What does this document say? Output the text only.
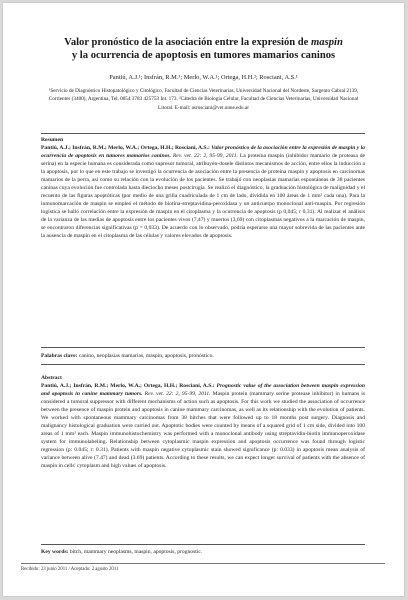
Valor pronóstico de la asociación entre la expresión de maspin
y la ocurrencia de apoptosis en tumores mamarios caninos
Pantiú, A.J.¹; Insfrán, R.M.¹; Merlo, W.A.¹; Ortega, H.H.²; Rosciani, A.S.¹
¹Servicio de Diagnóstico Histopatológico y Citológico, Facultad de Ciencias Veterinarias, Universidad Nacional del Nordeste, Sargento Cabral 2139, Corrientes (3400), Argentina, Tel. 0054 3783 425753 Int. 173. ²Cátedra de Biología Celular, Facultad de Ciencias Veterinarias, Universidad Nacional Litoral. E-mail: asrosciani@vet.unne.edu.ar
Resumen
Pantiú, A.J.; Insfrán, R.M.; Merlo, W.A.; Ortega, H.H.; Rosciani, A.S.: Valor pronóstico de la asociación entre la expresión de maspin y la ocurrencia de apoptosis en tumores mamarios caninos. Rev. vet. 22: 2, 95-99, 2011. La proteína maspin (inhibidor mamario de proteasa de serina) en la especie humana es considerada como supresor tumoral, atribuyén-dosele distintos mecanismos de acción, entre ellos la inducción a la apoptosis, por lo que en este trabajo se investigó la ocurrencia de asociación entre la presencia de proteína maspin y apoptosis en carcinomas mamarios de la perra, así como su relación con la evolución de los pacientes. Se trabajó con neoplasias mamarias espontáneas de 38 pacientes caninas cuya evolución fue controlada hasta dieciocho meses postcirugía. Se realizó el diagnóstico, la graduación histológica de malignidad y el recuento de las figuras apoptóticas (por medio de una grilla cuadriculada de 1 cm de lado, dividida en 100 áreas de 1 mm² cada una). Para la inmunomarcación de maspin se empleó el método de biotina-streptavidina-peroxidasa y un anticuerpo monoclonal anti-maspin. Por regresión logística se halló correlación entre la expresión de maspin en el citoplasma y la ocurrencia de apoptosis (p 0,045; r 0,31). Al realizar el análisis de la varianza de las medias de apoptosis entre los pacientes vivos (7,47) y muertos (3,69) con citoplasmas negativos a la marcación de maspin, se encontraron diferencias significativas (p = 0,033). De acuerdo con lo observado, podría esperarse una mayor sobrevida de las pacientes ante la ausencia de maspin en el citoplasma de las células y valores elevados de apoptosis.
Palabras clave: canino, neoplasias mamarias, maspin, apoptosis, pronóstico.
Abstract
Pantiú, A.J.; Insfrán, R.M.; Merlo, W.A.; Ortega, H.H.; Rosciani, A.S.: Prognostic value of the association between maspin expression and apoptosis in canine mammary tumors. Rev. vet. 22: 2, 95-99, 2011. Maspin protein (mammary serine protease inhibitor) in humans is considered a tumoral suppressor with different mechanisms of action such as apoptosis. For this work we studied the association of occurrence between the presence of maspin protein and apoptosis in canine mammary carcinomas, as well as its relationship with the evolution of patients. We worked with spontaneous mammary carcinomas from 38 bitches that were followed up to 18 months post surgery. Diagnosis and malignancy histological graduation were carried out. Apoptotic bodies were counted by means of a squared grid of 1 cm side, divided into 100 areas of 1 mm² each. Maspin immunohistochemistry was performed with a monoclonal antibody using streptavidin-biotin immunoperoxidase system for immunolabeling. Relationship between cytoplasmic maspin expression and apoptosis occurrence was found through logistic regression (p: 0.045; r: 0.31). Patients with maspin negative cytoplasmic stain showed significance (p: 0.033) in apoptosis mean analysis of variance between alive (7.47) and dead (3.69) patients. According to these results, we can expect longer survival of patients with the absence of maspin in cells' cytoplasm and high values of apoptosis.
Key words: bitch, mammary neoplasms, maspin, apoptosis, prognostic.
Recibido: 23 junio 2011 / Aceptado: 2 agosto 2011
